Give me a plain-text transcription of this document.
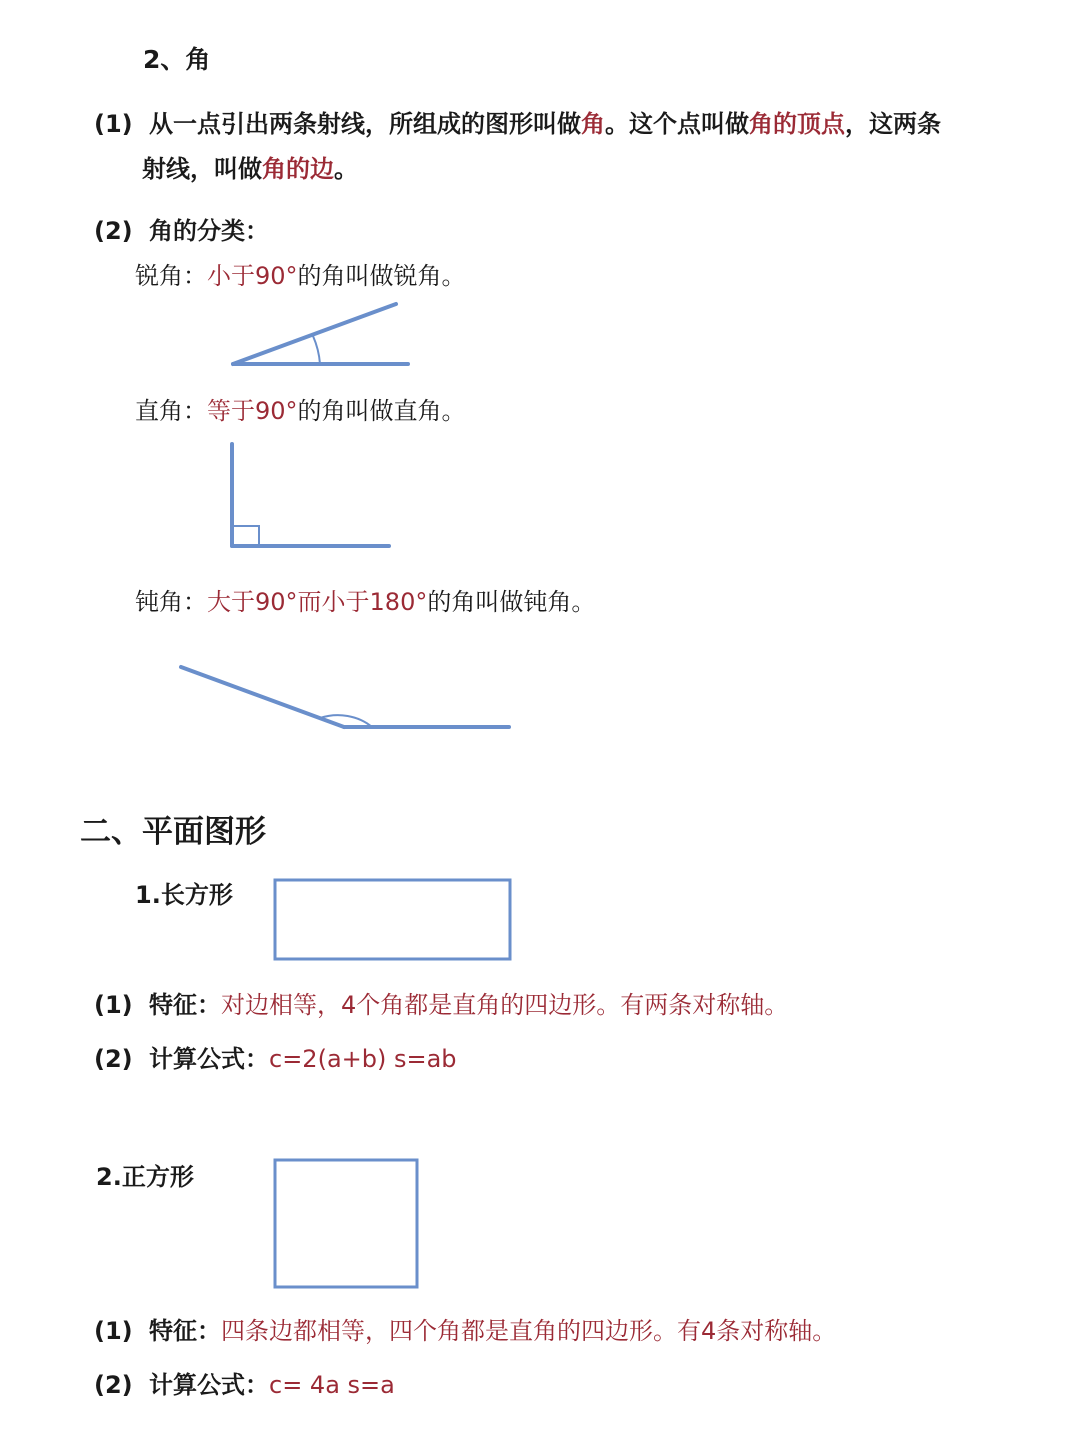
2、角
(1) 从一点引出两条射线，所组成的图形叫做角。这个点叫做角的顶点，这两条
射线，叫做角的边。
(2) 角的分类：
锐角：小于90°的角叫做锐角。
直角：等于90°的角叫做直角。
钝角：大于90°而小于180°的角叫做钝角。
二、平面图形
1.长方形
(1) 特征：对边相等，4个角都是直角的四边形。有两条对称轴。
(2) 计算公式：c=2(a+b) s=ab
2.正方形
(1) 特征：四条边都相等，四个角都是直角的四边形。有4条对称轴。
(2) 计算公式：c= 4a s=a
